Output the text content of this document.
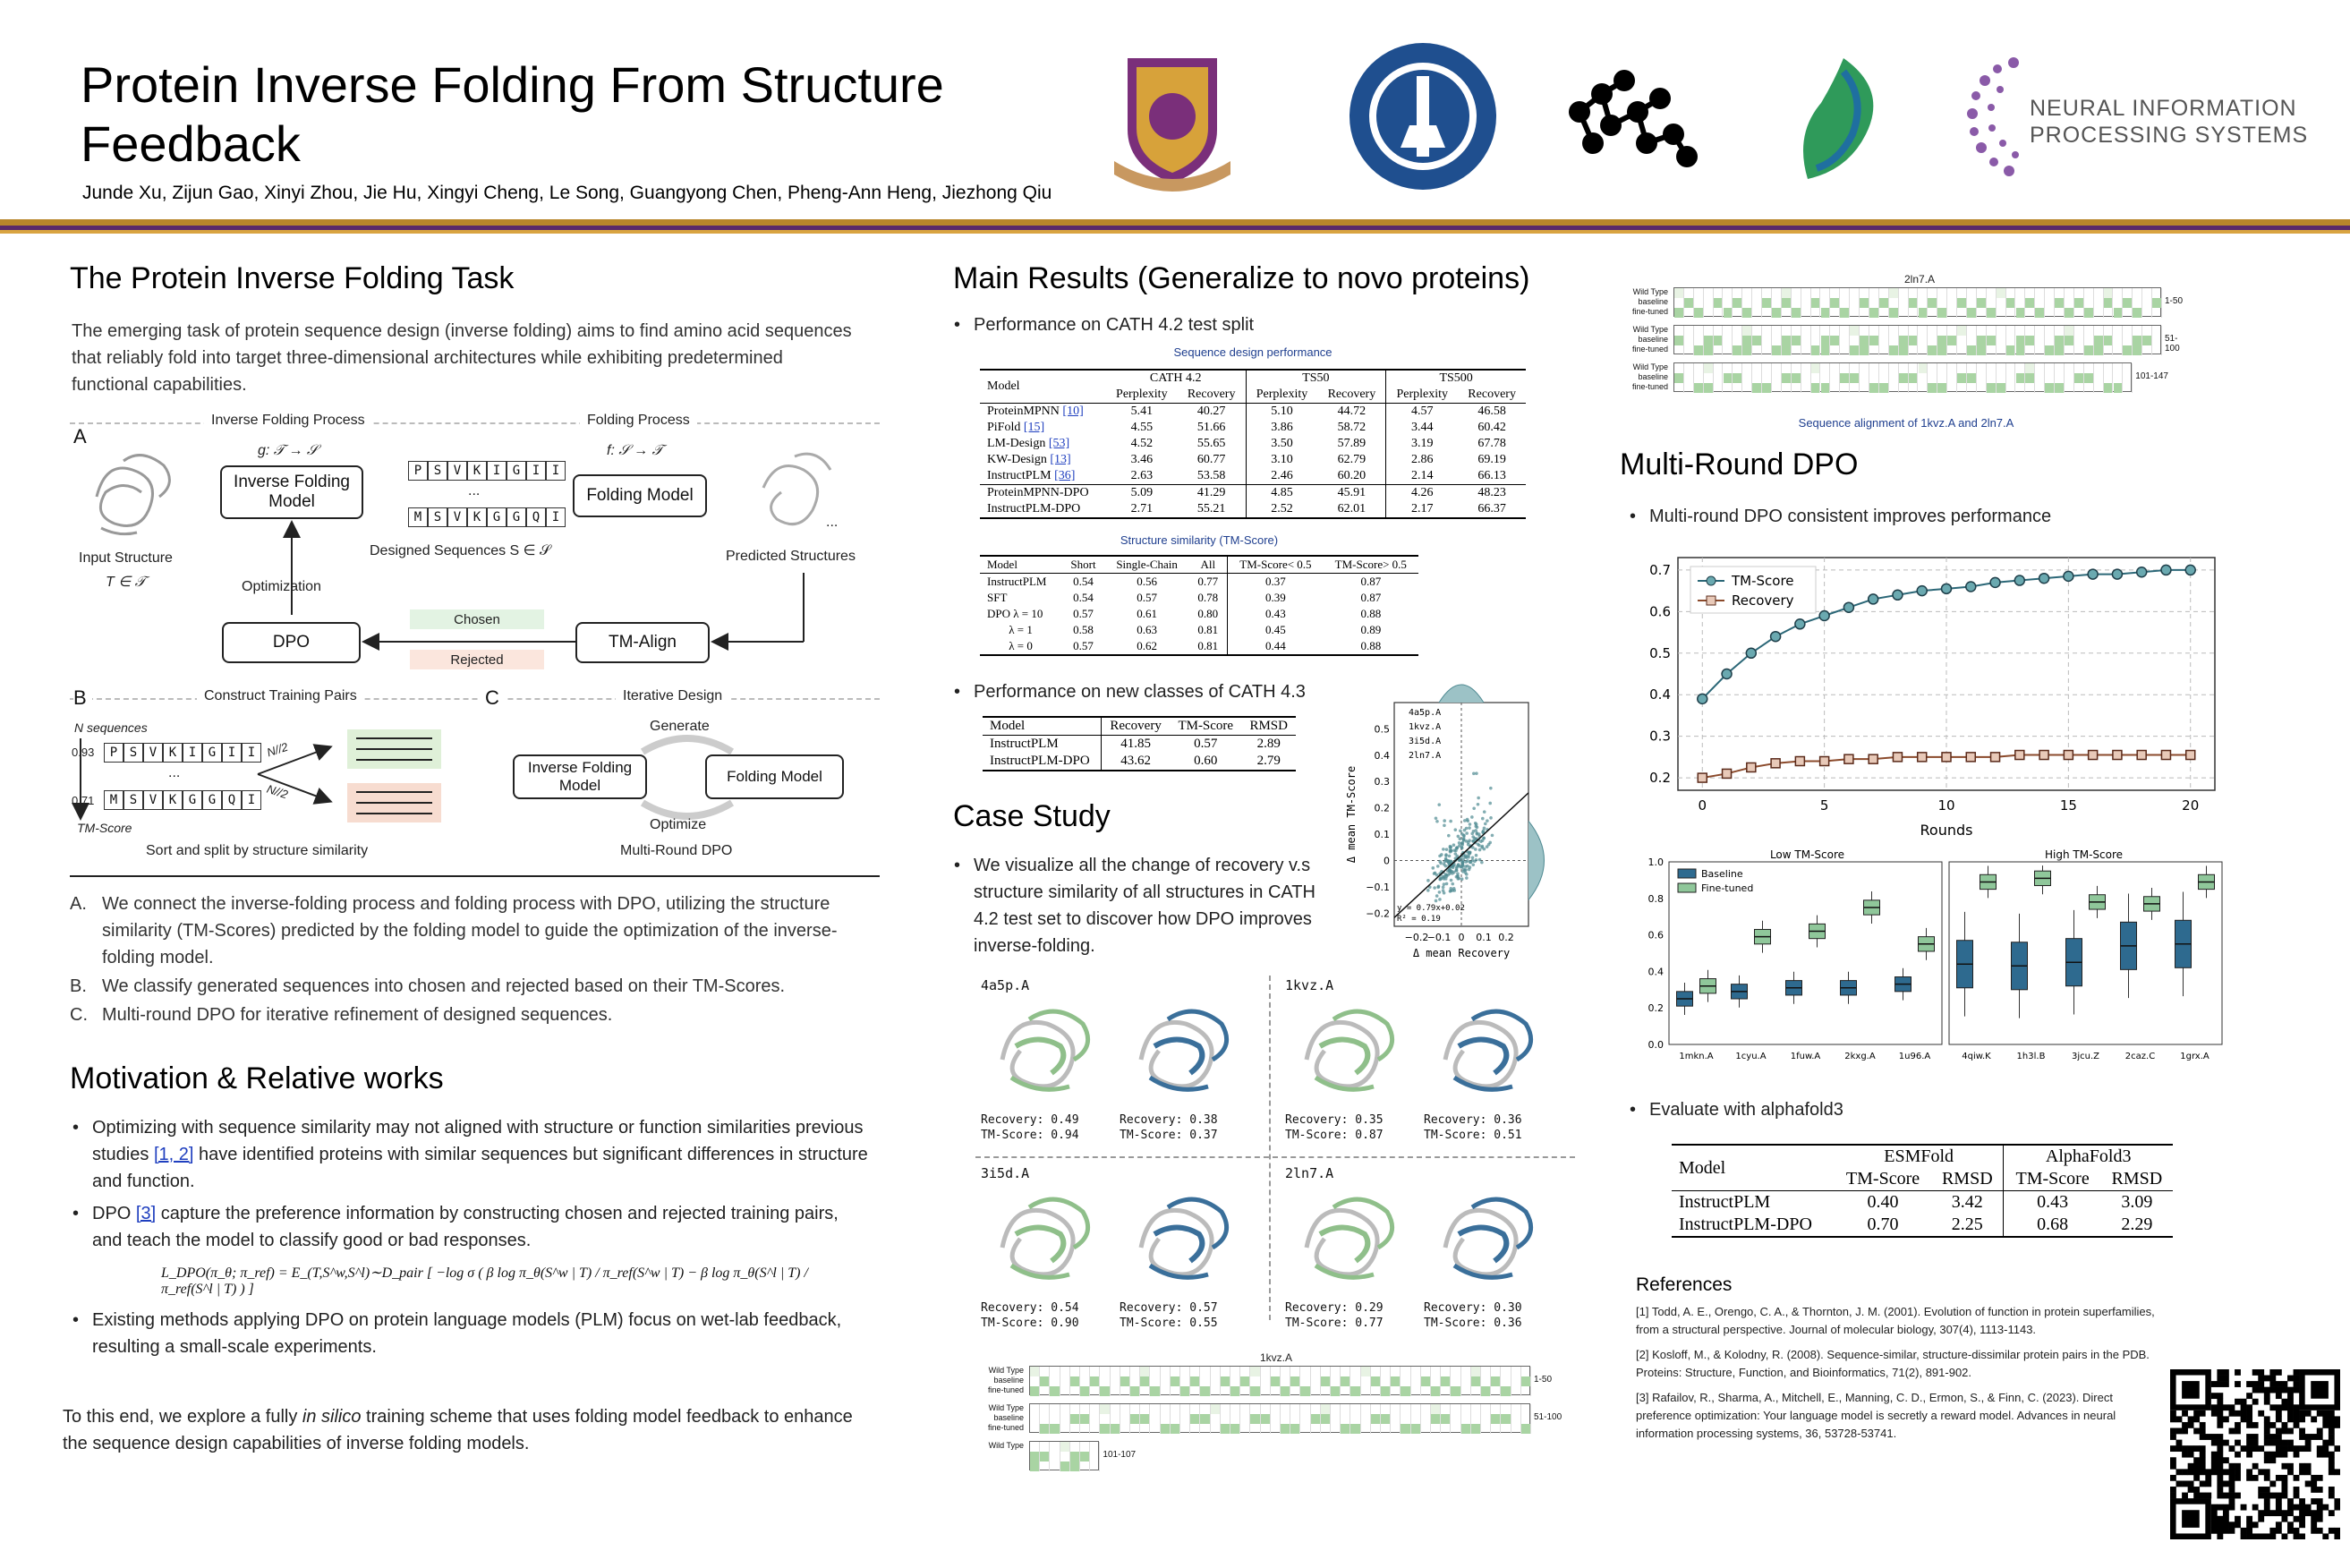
Protein Inverse Folding From Structure Feedback
Junde Xu, Zijun Gao, Xinyi Zhou, Jie Hu, Xingyi Cheng, Le Song, Guangyong Chen, Pheng-Ann Heng, Jiezhong Qiu
NEURAL INFORMATION
PROCESSING SYSTEMS
The Protein Inverse Folding Task
The emerging task of protein sequence design (inverse folding) aims to find amino acid sequences that reliably fold into target three-dimensional architectures while exhibiting predetermined functional capabilities.
Inverse Folding Process	Folding Process
A
Input Structure
T ∈ 𝒯
g: 𝒯 → 𝒮
Inverse Folding Model
P S V K I G I I
...
M S V K G G Q I
Designed Sequences S ∈ 𝒮
f: 𝒮 → 𝒯
Folding Model
...
Predicted Structures
Optimization
DPO	TM-Align
Chosen
Rejected
B	Construct Training Pairs	C	Iterative Design
N sequences
0.93	P S V K I G I I
...
0.71	M S V K G G Q I
TM-Score
N//2
N//2
Sort and split by structure similarity
Generate
Inverse Folding Model
Folding Model
Optimize
Multi-Round DPO
A. We connect the inverse-folding process and folding process with DPO, utilizing the structure similarity (TM-Scores) predicted by the folding model to guide the optimization of the inverse-folding model.
B. We classify generated sequences into chosen and rejected based on their TM-Scores.
C. Multi-round DPO for iterative refinement of designed sequences.
Motivation & Relative works
• Optimizing with sequence similarity may not aligned with structure or function similarities previous studies [1, 2] have identified proteins with similar sequences but significant differences in structure and function.
• DPO [3] capture the preference information by constructing chosen and rejected training pairs, and teach the model to classify good or bad responses.
L_DPO(π_θ; π_ref) = E_(T,S^w,S^l)∼D_pair [ −log σ ( β log π_θ(S^w | T) / π_ref(S^w | T) − β log π_θ(S^l | T) / π_ref(S^l | T) ) ]
• Existing methods applying DPO on protein language models (PLM) focus on wet-lab feedback, resulting a small-scale experiments.
To this end, we explore a fully in silico training scheme that uses folding model feedback to enhance the sequence design capabilities of inverse folding models.
Main Results (Generalize to novo proteins)
• Performance on CATH 4.2 test split
Sequence design performance
Model	CATH 4.2		TS50		TS500	
	Perplexity	Recovery	Perplexity	Recovery	Perplexity	Recovery
ProteinMPNN [10]	5.41	40.27	5.10	44.72	4.57	46.58
PiFold [15]	4.55	51.66	3.86	58.72	3.44	60.42
LM-Design [53]	4.52	55.65	3.50	57.89	3.19	67.78
KW-Design [13]	3.46	60.77	3.10	62.79	2.86	69.19
InstructPLM [36]	2.63	53.58	2.46	60.20	2.14	66.13
ProteinMPNN-DPO	5.09	41.29	4.85	45.91	4.26	48.23
InstructPLM-DPO	2.71	55.21	2.52	62.01	2.17	66.37
Structure similarity (TM-Score)
Model	Short	Single-Chain	All	TM-Score< 0.5	TM-Score> 0.5
InstructPLM	0.54	0.56	0.77	0.37	0.87
SFT	0.54	0.57	0.78	0.39	0.87
DPO λ = 10	0.57	0.61	0.80	0.43	0.88
λ = 1	0.58	0.63	0.81	0.45	0.89
λ = 0	0.57	0.62	0.81	0.44	0.88
• Performance on new classes of CATH 4.3
Model	Recovery	TM-Score	RMSD
InstructPLM	41.85	0.57	2.89
InstructPLM-DPO	43.62	0.60	2.79
−0.2
−0.1 0 0.1 0.2
−0.2
−0.1
0
0.1
0.2
0.3
0.4
0.5
Δ mean Recovery
Δ mean TM-Score
4a5p.A
1kvz.A
3i5d.A
2ln7.A
y = 0.79x+0.02
R² = 0.19
Case Study
• We visualize all the change of recovery v.s structure similarity of all structures in CATH 4.2 test set to discover how DPO improves inverse-folding.
4a5p.A
Recovery: 0.49
TM-Score: 0.94
Recovery: 0.38
TM-Score: 0.37
1kvz.A
Recovery: 0.35
TM-Score: 0.87
Recovery: 0.36
TM-Score: 0.51
3i5d.A
Recovery: 0.54
TM-Score: 0.90
Recovery: 0.57
TM-Score: 0.55
2ln7.A
Recovery: 0.29
TM-Score: 0.77
Recovery: 0.30
TM-Score: 0.36
1kvz.A
Wild Type
baseline
fine-tuned
1-50
Wild Type
baseline
fine-tuned
51-100
Wild Type
101-107
2ln7.A
Wild Type
baseline
fine-tuned
1-50
Wild Type
baseline
fine-tuned
51-100
Wild Type
baseline
fine-tuned
101-147
Sequence alignment of 1kvz.A and 2ln7.A
Multi-Round DPO
• Multi-round DPO consistent improves performance
0	5	10	15	20
0.2
0.3
0.4
0.5
0.6
0.7
Rounds
TM-Score
Recovery
Low TM-Score	High TM-Score
0.0
0.2
0.4
0.6
0.8
1.0
1mkn.A 1cyu.A	1fuw.A	2kxg.A	1u96.A	4qiw.K	1h3l.B	3jcu.Z	2caz.C	1grx.A
Baseline
Fine-tuned
• Evaluate with alphafold3
Model	ESMFold		AlphaFold3	
	TM-Score	RMSD	TM-Score	RMSD
InstructPLM	0.40	3.42	0.43	3.09
InstructPLM-DPO	0.70	2.25	0.68	2.29
References
[1] Todd, A. E., Orengo, C. A., & Thornton, J. M. (2001). Evolution of function in protein superfamilies, from a structural perspective. Journal of molecular biology, 307(4), 1113-1143.
[2] Kosloff, M., & Kolodny, R. (2008). Sequence-similar, structure-dissimilar protein pairs in the PDB. Proteins: Structure, Function, and Bioinformatics, 71(2), 891-902.
[3] Rafailov, R., Sharma, A., Mitchell, E., Manning, C. D., Ermon, S., & Finn, C. (2023). Direct preference optimization: Your language model is secretly a reward model. Advances in neural information processing systems, 36, 53728-53741.
